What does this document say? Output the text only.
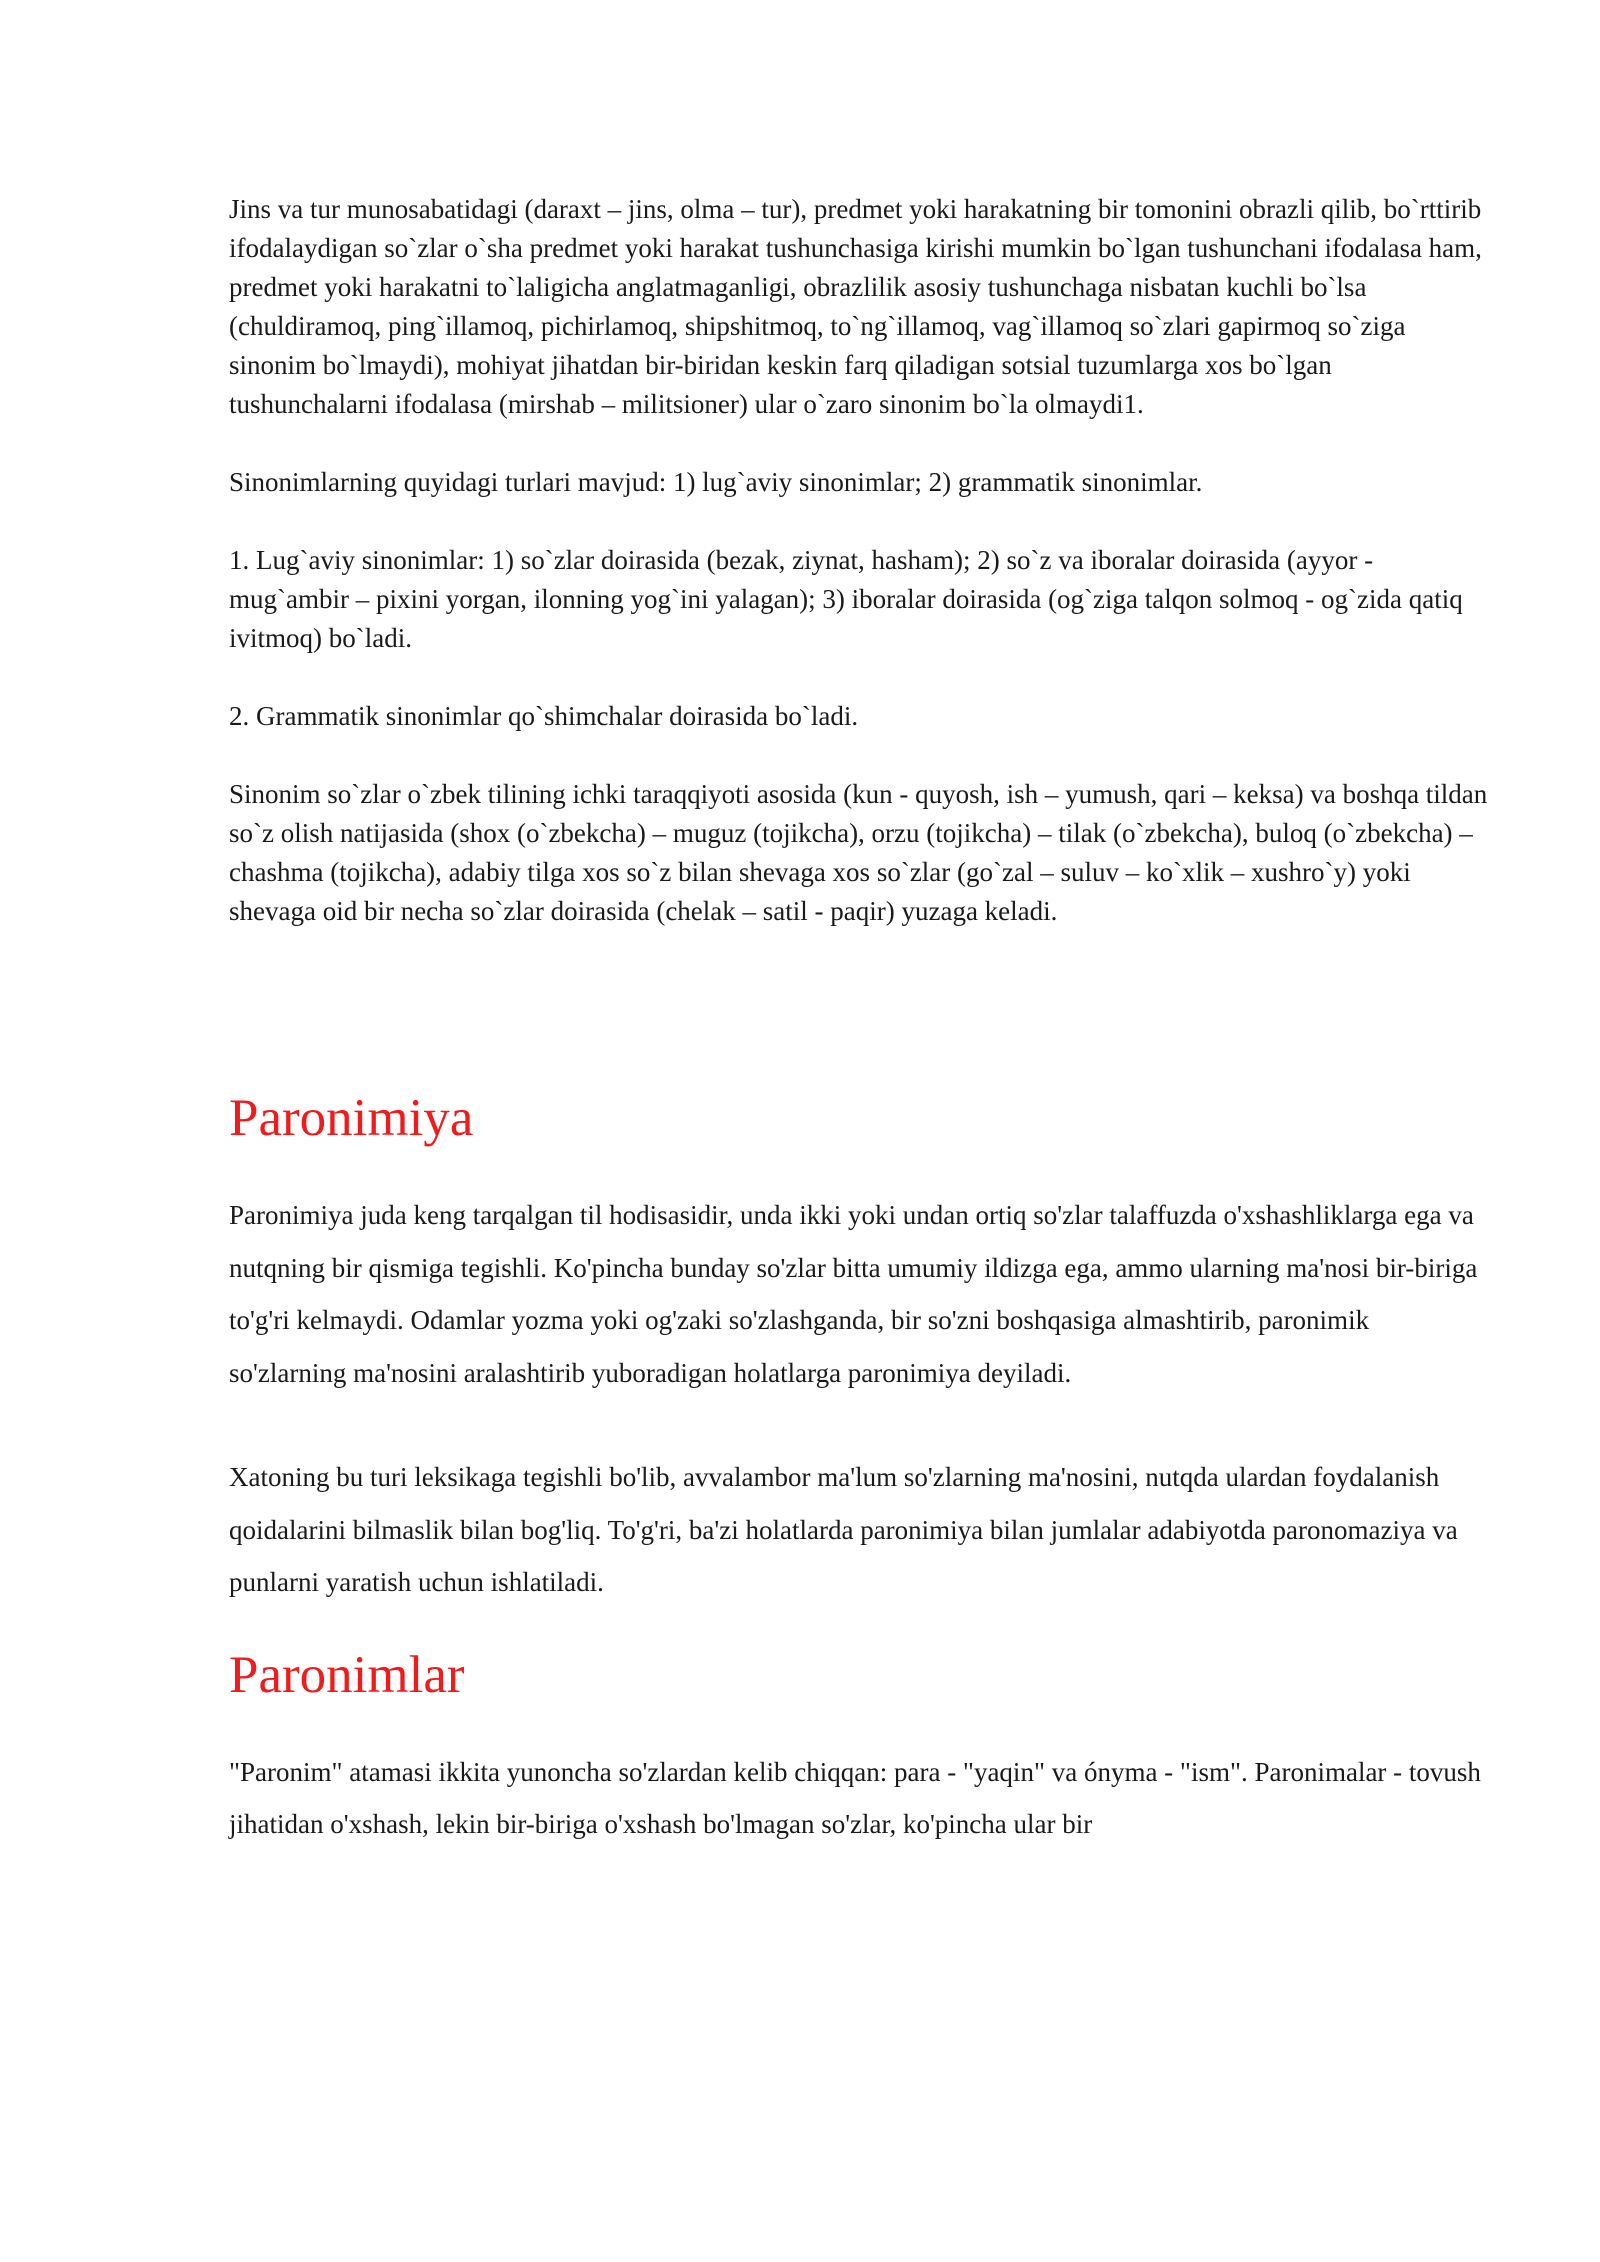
Jins va tur munosabatidagi (daraxt – jins, olma – tur), predmet yoki harakatning bir tomonini obrazli qilib, bo`rttirib ifodalaydigan so`zlar o`sha predmet yoki harakat tushunchasiga kirishi mumkin bo`lgan tushunchani ifodalasa ham, predmet yoki harakatni to`laligicha anglatmaganligi, obrazlilik asosiy tushunchaga nisbatan kuchli bo`lsa (chuldiramoq, ping`illamoq, pichirlamoq, shipshitmoq, to`ng`illamoq, vag`illamoq so`zlari gapirmoq so`ziga sinonim bo`lmaydi), mohiyat jihatdan bir-biridan keskin farq qiladigan sotsial tuzumlarga xos bo`lgan tushunchalarni ifodalasa (mirshab – militsioner) ular o`zaro sinonim bo`la olmaydi1.

Sinonimlarning quyidagi turlari mavjud: 1) lug`aviy sinonimlar; 2) grammatik sinonimlar.

1. Lug`aviy sinonimlar: 1) so`zlar doirasida (bezak, ziynat, hasham); 2) so`z va iboralar doirasida (ayyor - mug`ambir – pixini yorgan, ilonning yog`ini yalagan); 3) iboralar doirasida (og`ziga talqon solmoq - og`zida qatiq ivitmoq) bo`ladi.

2. Grammatik sinonimlar qo`shimchalar doirasida bo`ladi.

Sinonim so`zlar o`zbek tilining ichki taraqqiyoti asosida (kun - quyosh, ish – yumush, qari – keksa) va boshqa tildan so`z olish natijasida (shox (o`zbekcha) – muguz (tojikcha), orzu (tojikcha) – tilak (o`zbekcha), buloq (o`zbekcha) – chashma (tojikcha), adabiy tilga xos so`z bilan shevaga xos so`zlar (go`zal – suluv – ko`xlik – xushro`y) yoki shevaga oid bir necha so`zlar doirasida (chelak – satil - paqir) yuzaga keladi.

Paronimiya

Paronimiya juda keng tarqalgan til hodisasidir, unda ikki yoki undan ortiq so'zlar talaffuzda o'xshashliklarga ega va nutqning bir qismiga tegishli. Ko'pincha bunday so'zlar bitta umumiy ildizga ega, ammo ularning ma'nosi bir-biriga to'g'ri kelmaydi. Odamlar yozma yoki og'zaki so'zlashganda, bir so'zni boshqasiga almashtirib, paronimik so'zlarning ma'nosini aralashtirib yuboradigan holatlarga paronimiya deyiladi.

Xatoning bu turi leksikaga tegishli bo'lib, avvalambor ma'lum so'zlarning ma'nosini, nutqda ulardan foydalanish qoidalarini bilmaslik bilan bog'liq. To'g'ri, ba'zi holatlarda paronimiya bilan jumlalar adabiyotda paronomaziya va punlarni yaratish uchun ishlatiladi.

Paronimlar

"Paronim" atamasi ikkita yunoncha so'zlardan kelib chiqqan: para - "yaqin" va ónyma - "ism". Paronimalar - tovush jihatidan o'xshash, lekin bir-biriga o'xshash bo'lmagan so'zlar, ko'pincha ular bir
